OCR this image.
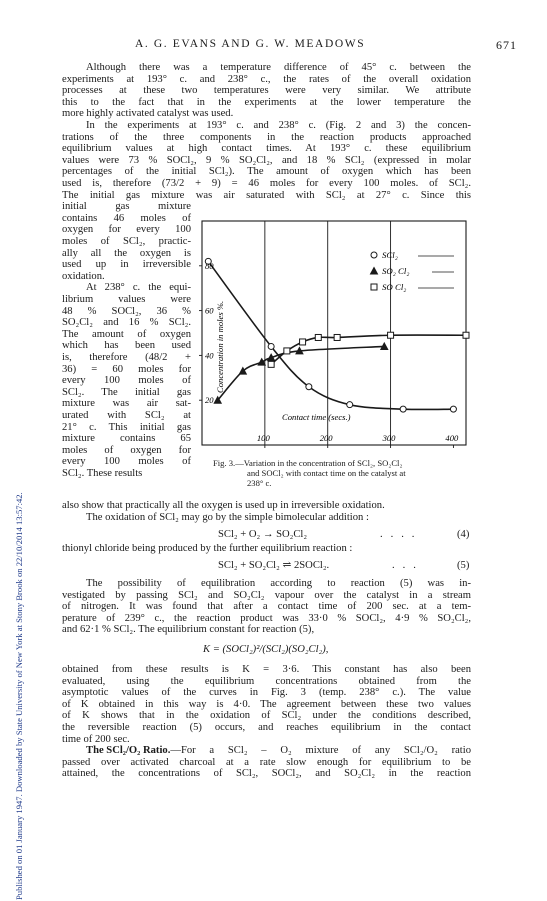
Published on 01 January 1947. Downloaded by State University of New York at Stony Brook on 22/10/2014 13:57:42.
A. G. EVANS AND G. W. MEADOWS	671
Although there was a temperature difference of 45° c. between the
experiments at 193° c. and 238° c., the rates of the overall oxidation
processes at these two temperatures were very similar. We attribute
this to the fact that in the experiments at the lower temperature the
more highly activated catalyst was used.
In the experiments at 193° c. and 238° c. (Fig. 2 and 3) the concen-
trations of the three components in the reaction products approached
equilibrium values at high contact times. At 193° c. these equilibrium
values were 73 % SOCl₂, 9 % SO₂Cl₂, and 18 % SCl₂ (expressed in molar
percentages of the initial SCl₂). The amount of oxygen which has been
used is, therefore (73/2 + 9) = 46 moles for every 100 moles. of SCl₂.
The initial gas mixture was air saturated with SCl₂ at 27° c. Since this
initial gas mixture
contains 46 moles of
oxygen for every 100
moles of SCl₂, practic-
ally all the oxygen is
used up in irreversible
oxidation.
At 238° c. the equi-
librium values were
48 % SOCl₂, 36 %
SO₂Cl₂ and 16 % SCl₂.
The amount of oxygen
which has been used
is, therefore (48/2 +
36) = 60 moles for
every 100 moles of
SCl₂. The initial gas
mixture was air sat-
urated with SCl₂ at
21° c. This initial gas
mixture contains 65
moles of oxygen for
every 100 moles of
SCl₂. These results
100	200	300	400
20
40
60
80
Concentration in moles %.
Contact time (secs.)
SCl₂
SO₂ Cl₂
SO Cl₂
Fig. 3.—Variation in the concentration of SCl₂, SO₂Cl₂
and SOCl₂ with contact time on the catalyst at
238° c.
also show that practically all the oxygen is used up in irreversible oxidation.
The oxidation of SCl₂ may go by the simple bimolecular addition :
SCl₂ + O₂ → SO₂Cl₂	.   .   .   .	(4)
thionyl chloride being produced by the further equilibrium reaction :
SCl₂ + SO₂Cl₂ ⇌ 2SOCl₂.	.   .   .	(5)
The possibility of equilibration according to reaction (5) was in-
vestigated by passing SCl₂ and SO₂Cl₂ vapour over the catalyst in a stream
of nitrogen. It was found that after a contact time of 200 sec. at a tem-
perature of 239° c., the reaction product was 33·0 % SOCl₂, 4·9 % SO₂Cl₂,
and 62·1 % SCl₂. The equilibrium constant for reaction (5),
K = (SOCl₂)²/(SCl₂)(SO₂Cl₂),
obtained from these results is K = 3·6. This constant has also been
evaluated, using the equilibrium concentrations obtained from the
asymptotic values of the curves in Fig. 3 (temp. 238° c.). The value
of K obtained in this way is 4·0. The agreement between these two values
of K shows that in the oxidation of SCl₂ under the conditions described,
the reversible reaction (5) occurs, and reaches equilibrium in the contact
time of 200 sec.
The SCl₂/O₂ Ratio. —For a SCl₂ – O₂ mixture of any SCl₂/O₂ ratio
passed over activated charcoal at a rate slow enough for equilibrium to be
attained, the concentrations of SCl₂, SOCl₂, and SO₂Cl₂ in the reaction
